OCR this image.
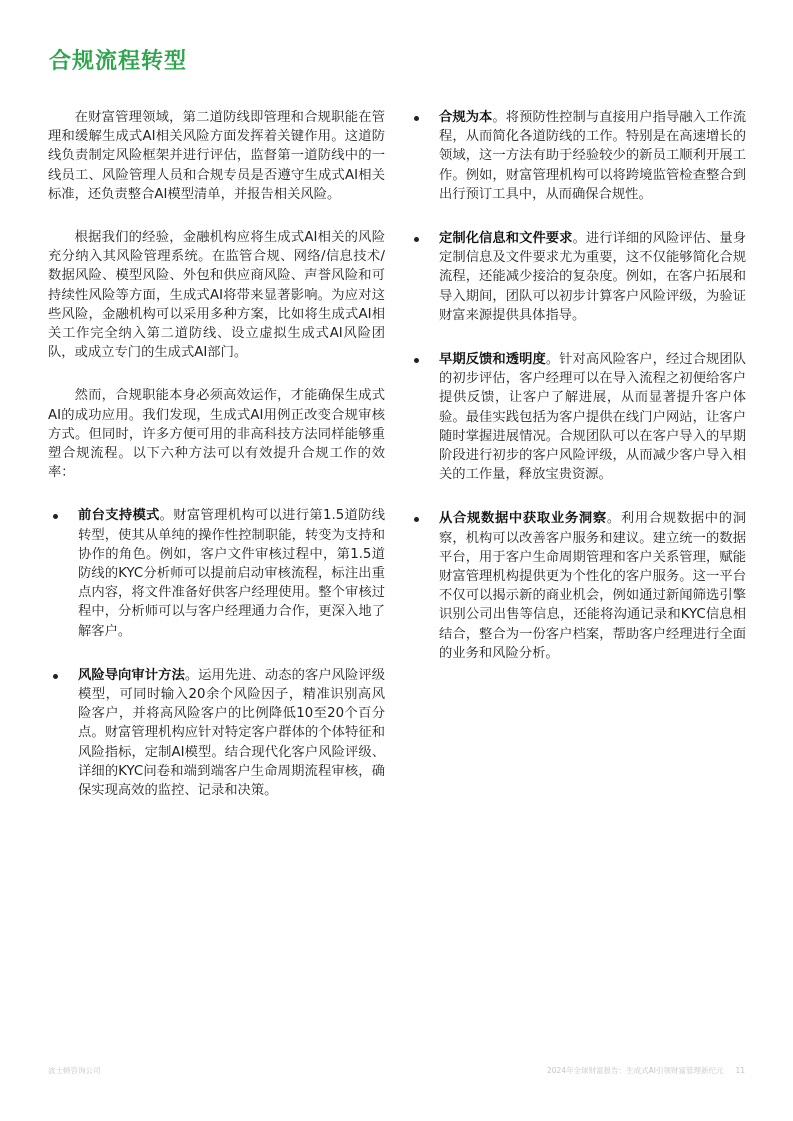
合规流程转型

在财富管理领域，第二道防线即管理和合规职能在管理和缓解生成式AI相关风险方面发挥着关键作用。这道防线负责制定风险框架并进行评估，监督第一道防线中的一线员工、风险管理人员和合规专员是否遵守生成式AI相关标准，还负责整合AI模型清单，并报告相关风险。

根据我们的经验，金融机构应将生成式AI相关的风险充分纳入其风险管理系统。在监管合规、网络/信息技术/数据风险、模型风险、外包和供应商风险、声誉风险和可持续性风险等方面，生成式AI将带来显著影响。为应对这些风险，金融机构可以采用多种方案，比如将生成式AI相关工作完全纳入第二道防线、设立虚拟生成式AI风险团队，或成立专门的生成式AI部门。

然而，合规职能本身必须高效运作，才能确保生成式AI的成功应用。我们发现，生成式AI用例正改变合规审核方式。但同时，许多方便可用的非高科技方法同样能够重塑合规流程。以下六种方法可以有效提升合规工作的效率：

前台支持模式。财富管理机构可以进行第1.5道防线转型，使其从单纯的操作性控制职能，转变为支持和协作的角色。例如，客户文件审核过程中，第1.5道防线的KYC分析师可以提前启动审核流程，标注出重点内容，将文件准备好供客户经理使用。整个审核过程中，分析师可以与客户经理通力合作，更深入地了解客户。
风险导向审计方法。运用先进、动态的客户风险评级模型，可同时输入20余个风险因子，精准识别高风险客户，并将高风险客户的比例降低10至20个百分点。财富管理机构应针对特定客户群体的个体特征和风险指标，定制AI模型。结合现代化客户风险评级、详细的KYC问卷和端到端客户生命周期流程审核，确保实现高效的监控、记录和决策。
合规为本。将预防性控制与直接用户指导融入工作流程，从而简化各道防线的工作。特别是在高速增长的领域，这一方法有助于经验较少的新员工顺利开展工作。例如，财富管理机构可以将跨境监管检查整合到出行预订工具中，从而确保合规性。
定制化信息和文件要求。进行详细的风险评估、量身定制信息及文件要求尤为重要，这不仅能够简化合规流程，还能减少接洽的复杂度。例如，在客户拓展和导入期间，团队可以初步计算客户风险评级，为验证财富来源提供具体指导。
早期反馈和透明度。针对高风险客户，经过合规团队的初步评估，客户经理可以在导入流程之初便给客户提供反馈，让客户了解进展，从而显著提升客户体验。最佳实践包括为客户提供在线门户网站，让客户随时掌握进展情况。合规团队可以在客户导入的早期阶段进行初步的客户风险评级，从而减少客户导入相关的工作量，释放宝贵资源。
从合规数据中获取业务洞察。利用合规数据中的洞察，机构可以改善客户服务和建议。建立统一的数据平台，用于客户生命周期管理和客户关系管理，赋能财富管理机构提供更为个性化的客户服务。这一平台不仅可以揭示新的商业机会，例如通过新闻筛选引擎识别公司出售等信息，还能将沟通记录和KYC信息相结合，整合为一份客户档案，帮助客户经理进行全面的业务和风险分析。
波士顿咨询公司	2024年全球财富报告：生成式AI引领财富管理新纪元 11
